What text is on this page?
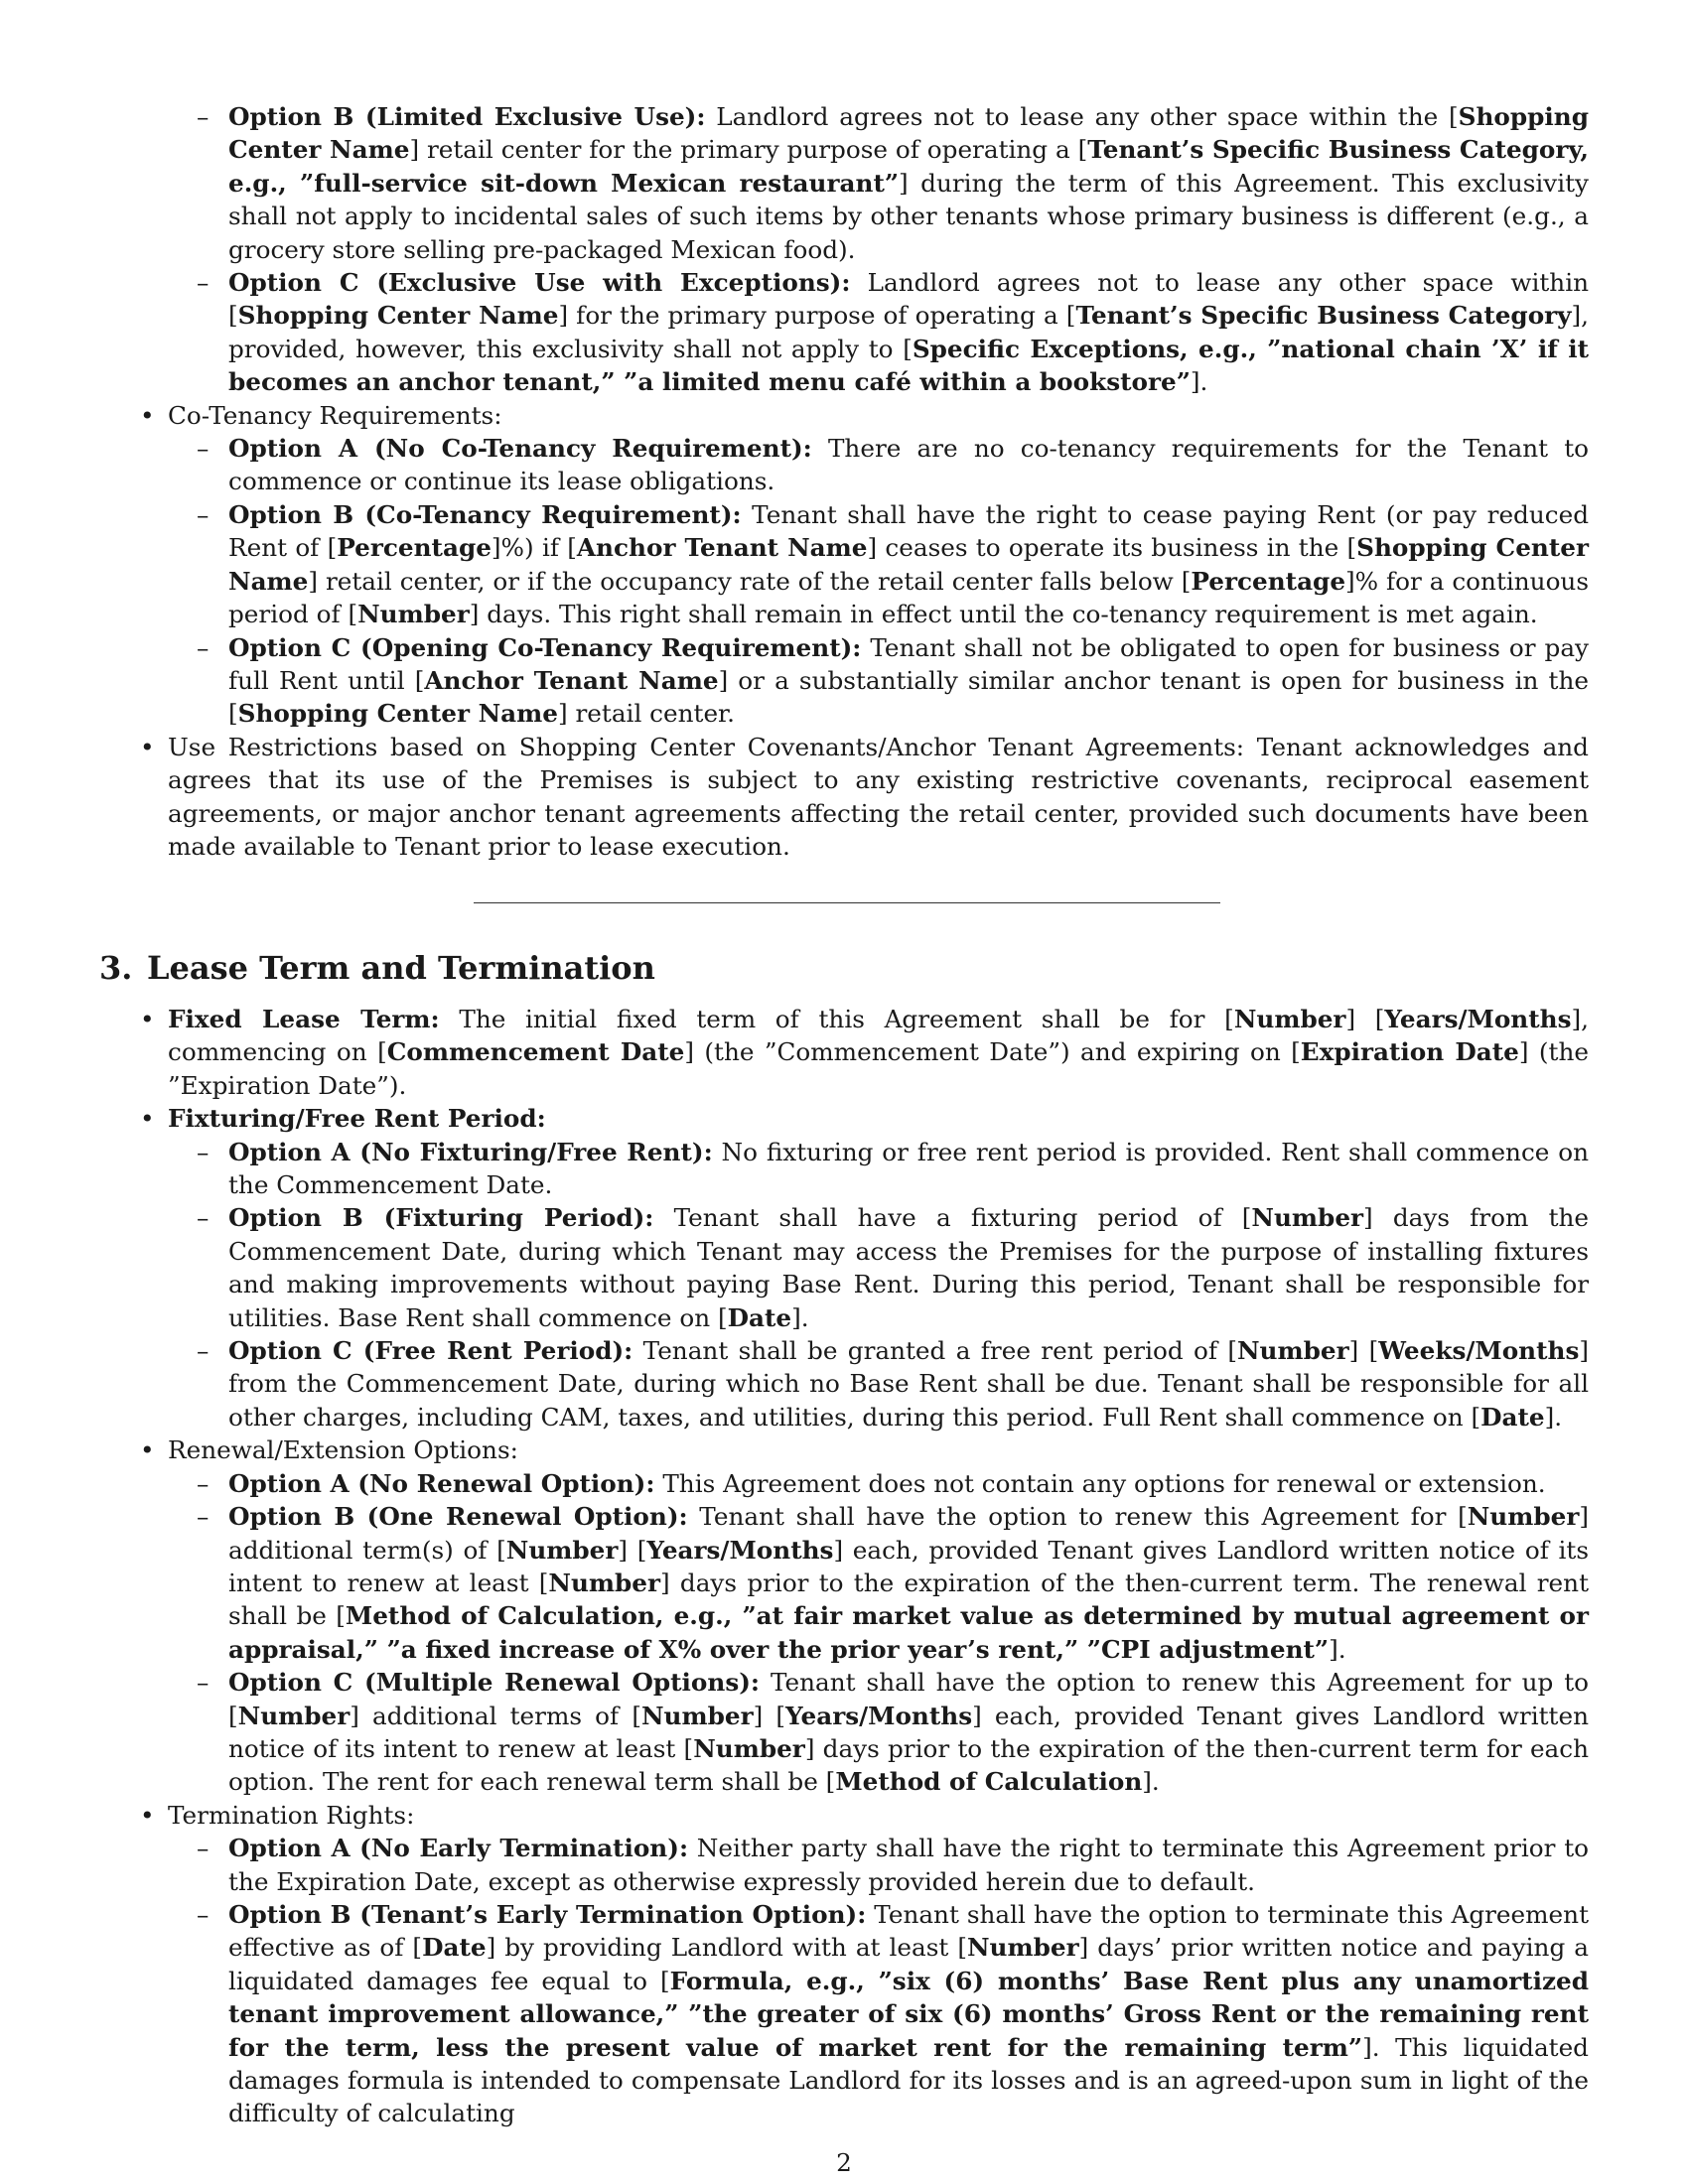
– Option B (Limited Exclusive Use): Landlord agrees not to lease any other space within the [Shopping Center Name] retail center for the primary purpose of operating a [Tenant’s Specific Business Category, e.g., ”full-service sit-down Mexican restaurant”] during the term of this Agreement. This exclusivity shall not apply to incidental sales of such items by other tenants whose primary business is different (e.g., a grocery store selling pre-packaged Mexican food).
– Option C (Exclusive Use with Exceptions): Landlord agrees not to lease any other space within [Shopping Center Name] for the primary purpose of operating a [Tenant’s Specific Business Category], provided, however, this exclusivity shall not apply to [Specific Exceptions, e.g., ”national chain ’X’ if it becomes an anchor tenant,” ”a limited menu café within a bookstore”].
• Co-Tenancy Requirements:
– Option A (No Co-Tenancy Requirement): There are no co-tenancy requirements for the Tenant to commence or continue its lease obligations.
– Option B (Co-Tenancy Requirement): Tenant shall have the right to cease paying Rent (or pay reduced Rent of [Percentage]%) if [Anchor Tenant Name] ceases to operate its business in the [Shopping Center Name] retail center, or if the occupancy rate of the retail center falls below [Percentage]% for a continuous period of [Number] days. This right shall remain in effect until the co-tenancy requirement is met again.
– Option C (Opening Co-Tenancy Requirement): Tenant shall not be obligated to open for business or pay full Rent until [Anchor Tenant Name] or a substantially similar anchor tenant is open for business in the [Shopping Center Name] retail center.
• Use Restrictions based on Shopping Center Covenants/Anchor Tenant Agreements: Tenant acknowledges and agrees that its use of the Premises is subject to any existing restrictive covenants, reciprocal easement agreements, or major anchor tenant agreements affecting the retail center, provided such documents have been made available to Tenant prior to lease execution.
3. Lease Term and Termination
• Fixed Lease Term: The initial fixed term of this Agreement shall be for [Number] [Years/Months], commencing on [Commencement Date] (the ”Commencement Date”) and expiring on [Expiration Date] (the ”Expiration Date”).
• Fixturing/Free Rent Period:
– Option A (No Fixturing/Free Rent): No fixturing or free rent period is provided. Rent shall commence on the Commencement Date.
– Option B (Fixturing Period): Tenant shall have a fixturing period of [Number] days from the Commencement Date, during which Tenant may access the Premises for the purpose of installing fixtures and making improvements without paying Base Rent. During this period, Tenant shall be responsible for utilities. Base Rent shall commence on [Date].
– Option C (Free Rent Period): Tenant shall be granted a free rent period of [Number] [Weeks/Months] from the Commencement Date, during which no Base Rent shall be due. Tenant shall be responsible for all other charges, including CAM, taxes, and utilities, during this period. Full Rent shall commence on [Date].
• Renewal/Extension Options:
– Option A (No Renewal Option): This Agreement does not contain any options for renewal or extension.
– Option B (One Renewal Option): Tenant shall have the option to renew this Agreement for [Number] additional term(s) of [Number] [Years/Months] each, provided Tenant gives Landlord written notice of its intent to renew at least [Number] days prior to the expiration of the then-current term. The renewal rent shall be [Method of Calculation, e.g., ”at fair market value as determined by mutual agreement or appraisal,” ”a fixed increase of X% over the prior year’s rent,” ”CPI adjustment”].
– Option C (Multiple Renewal Options): Tenant shall have the option to renew this Agreement for up to [Number] additional terms of [Number] [Years/Months] each, provided Tenant gives Landlord written notice of its intent to renew at least [Number] days prior to the expiration of the then-current term for each option. The rent for each renewal term shall be [Method of Calculation].
• Termination Rights:
– Option A (No Early Termination): Neither party shall have the right to terminate this Agreement prior to the Expiration Date, except as otherwise expressly provided herein due to default.
– Option B (Tenant’s Early Termination Option): Tenant shall have the option to terminate this Agreement effective as of [Date] by providing Landlord with at least [Number] days’ prior written notice and paying a liquidated damages fee equal to [Formula, e.g., ”six (6) months’ Base Rent plus any unamortized tenant improvement allowance,” ”the greater of six (6) months’ Gross Rent or the remaining rent for the term, less the present value of market rent for the remaining term”]. This liquidated damages formula is intended to compensate Landlord for its losses and is an agreed-upon sum in light of the difficulty of calculating
2
